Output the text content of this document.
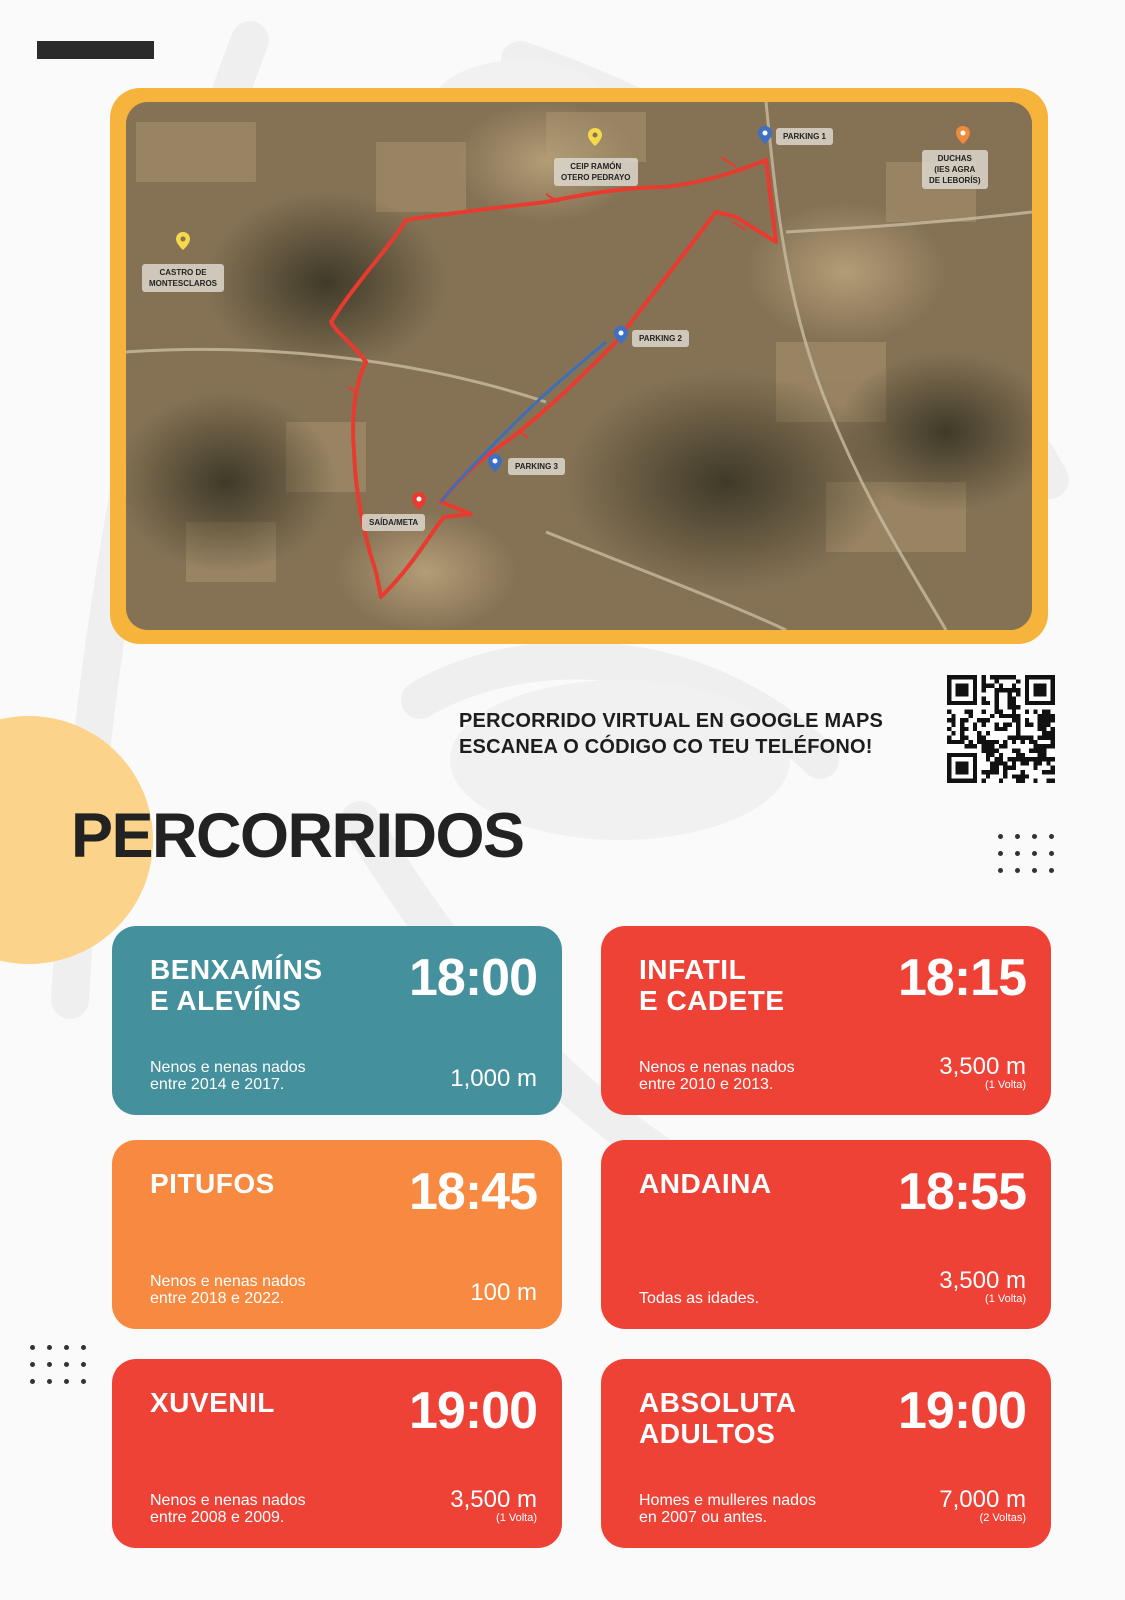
CASTRO DE
MONTESCLAROS
CEIP RAMÓN
OTERO PEDRAYO
PARKING 1
DUCHAS
(IES AGRA
DE LEBORÍS)
PARKING 2
PARKING 3
SAÍDA/META
PERCORRIDO VIRTUAL EN GOOGLE MAPS
ESCANEA O CÓDIGO CO TEU TELÉFONO!
PERCORRIDOS
BENXAMÍNS
E ALEVÍNS	18:00
Nenos e nenas nados
entre 2014 e 2017.	1,000 m
INFATIL
E CADETE 18:15
Nenos e nenas nados
entre 2010 e 2013.
3,500 m
(1 Volta)
PITUFOS	18:45
Nenos e nenas nados
entre 2018 e 2022.	100 m
ANDAINA 18:55
Todas as idades.
3,500 m
(1 Volta)
XUVENIL	19:00
Nenos e nenas nados
entre 2008 e 2009.
3,500 m
(1 Volta)
ABSOLUTA
ADULTOS	19:00
Homes e mulleres nados
en 2007 ou antes.
7,000 m
(2 Voltas)
